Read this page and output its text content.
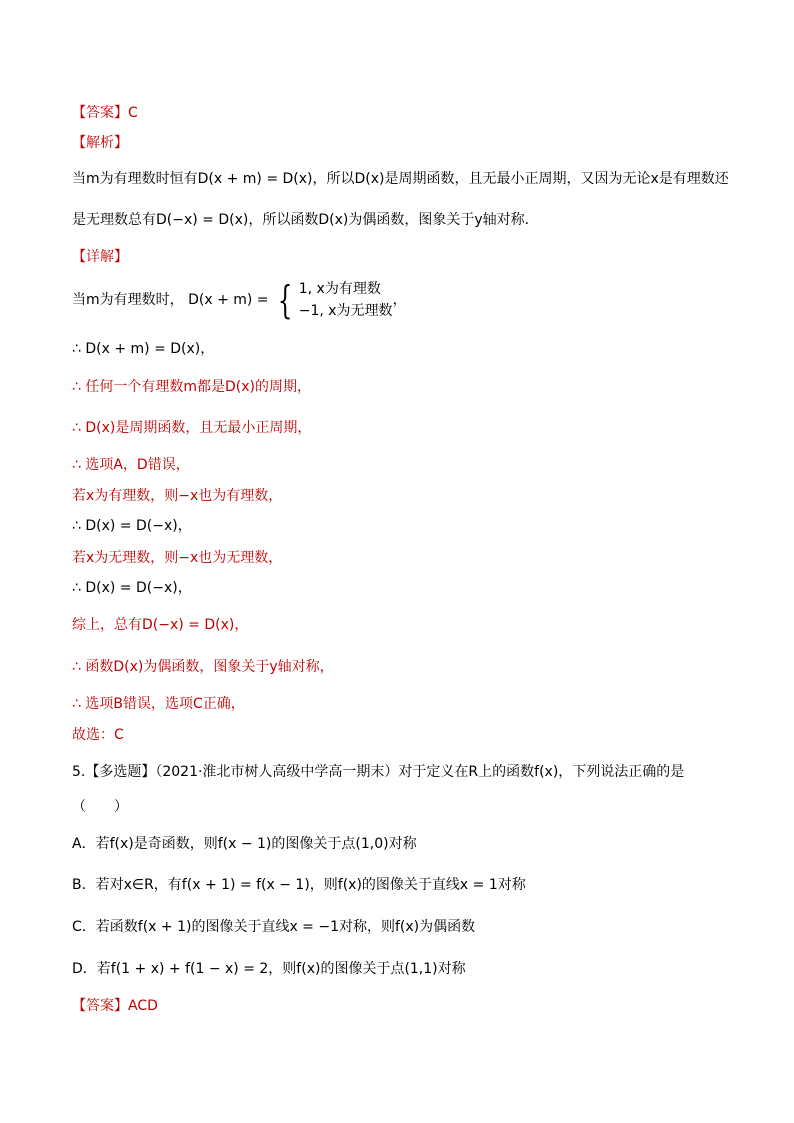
【答案】C
【解析】
当m为有理数时恒有D(x + m) = D(x)，所以D(x)是周期函数，且无最小正周期，又因为无论x是有理数还
是无理数总有D(−x) = D(x)，所以函数D(x)为偶函数，图象关于y轴对称．
【详解】
当m为有理数时， D(x + m) = { 1, x为有理数
−1, x为无理数
，
∴ D(x + m) = D(x)，
∴ 任何一个有理数m都是D(x)的周期，
∴ D(x)是周期函数，且无最小正周期，
∴ 选项A，D错误，
若x为有理数，则−x也为有理数，
∴ D(x) = D(−x)，
若x为无理数，则−x也为无理数，
∴ D(x) = D(−x)，
综上，总有D(−x) = D(x)，
∴ 函数D(x)为偶函数，图象关于y轴对称，
∴ 选项B错误，选项C正确，
故选：C
5.【多选题】（2021·淮北市树人高级中学高一期末）对于定义在R上的函数f(x)，下列说法正确的是
（　　）
A．若f(x)是奇函数，则f(x − 1)的图像关于点(1,0)对称
B．若对x∈R，有f(x + 1) = f(x − 1)，则f(x)的图像关于直线x = 1对称
C．若函数f(x + 1)的图像关于直线x = −1对称，则f(x)为偶函数
D．若f(1 + x) + f(1 − x) = 2，则f(x)的图像关于点(1,1)对称
【答案】ACD
